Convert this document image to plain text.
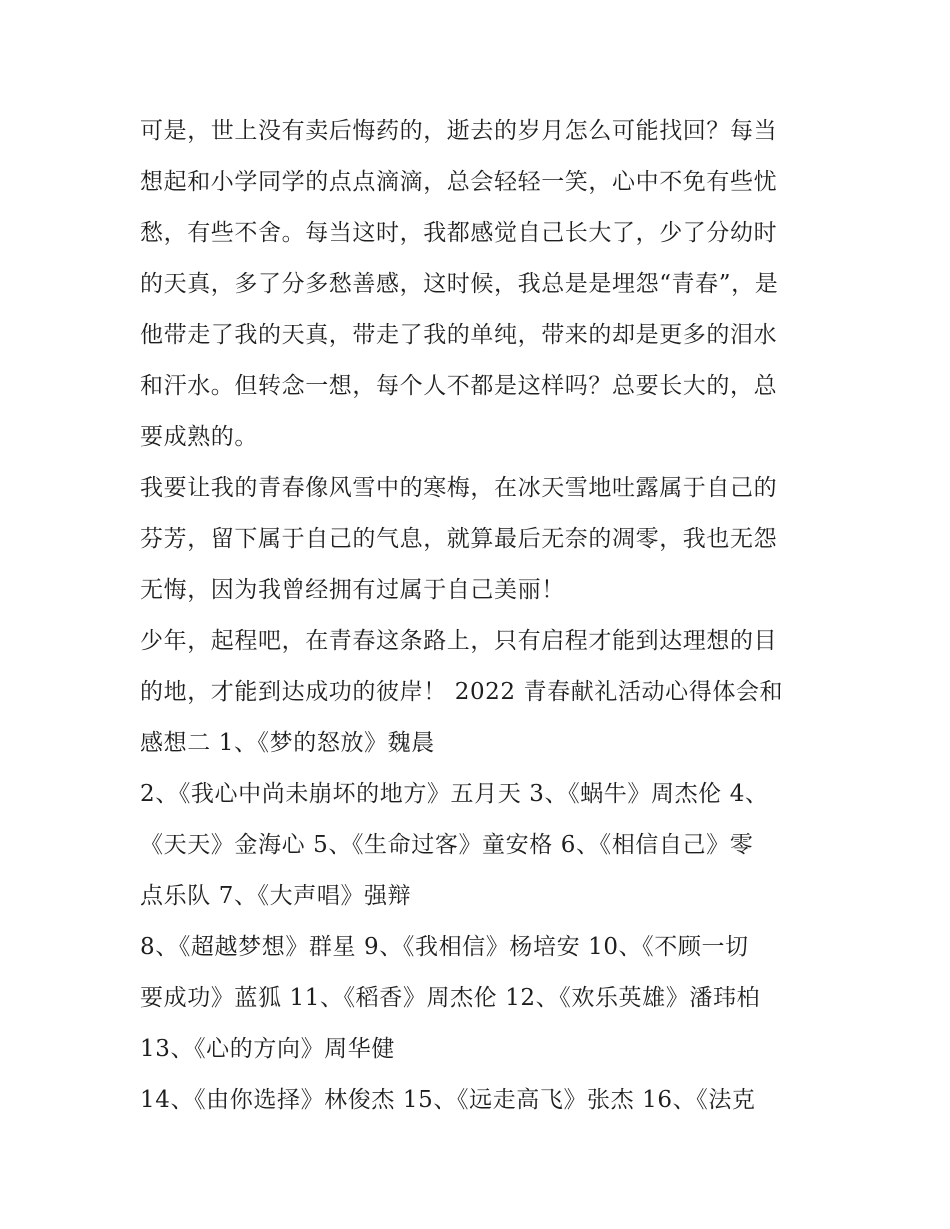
可是，世上没有卖后悔药的，逝去的岁月怎么可能找回？每当
想起和小学同学的点点滴滴，总会轻轻一笑，心中不免有些忧
愁，有些不舍。每当这时，我都感觉自己长大了，少了分幼时
的天真，多了分多愁善感，这时候，我总是是埋怨“青春”，是
他带走了我的天真，带走了我的单纯，带来的却是更多的泪水
和汗水。但转念一想，每个人不都是这样吗？总要长大的，总
要成熟的。
我要让我的青春像风雪中的寒梅，在冰天雪地吐露属于自己的
芬芳，留下属于自己的气息，就算最后无奈的凋零，我也无怨
无悔，因为我曾经拥有过属于自己美丽！
少年，起程吧，在青春这条路上，只有启程才能到达理想的目
的地，才能到达成功的彼岸！ 2022 青春献礼活动心得体会和
感想二 1、《梦的怒放》魏晨
2、《我心中尚未崩坏的地方》五月天 3、《蜗牛》周杰伦 4、
《天天》金海心 5、《生命过客》童安格 6、《相信自己》零
点乐队 7、《大声唱》强辩
8、《超越梦想》群星 9、《我相信》杨培安 10、《不顾一切
要成功》蓝狐 11、《稻香》周杰伦 12、《欢乐英雄》潘玮柏
13、《心的方向》周华健
14、《由你选择》林俊杰 15、《远走高飞》张杰 16、《法克
